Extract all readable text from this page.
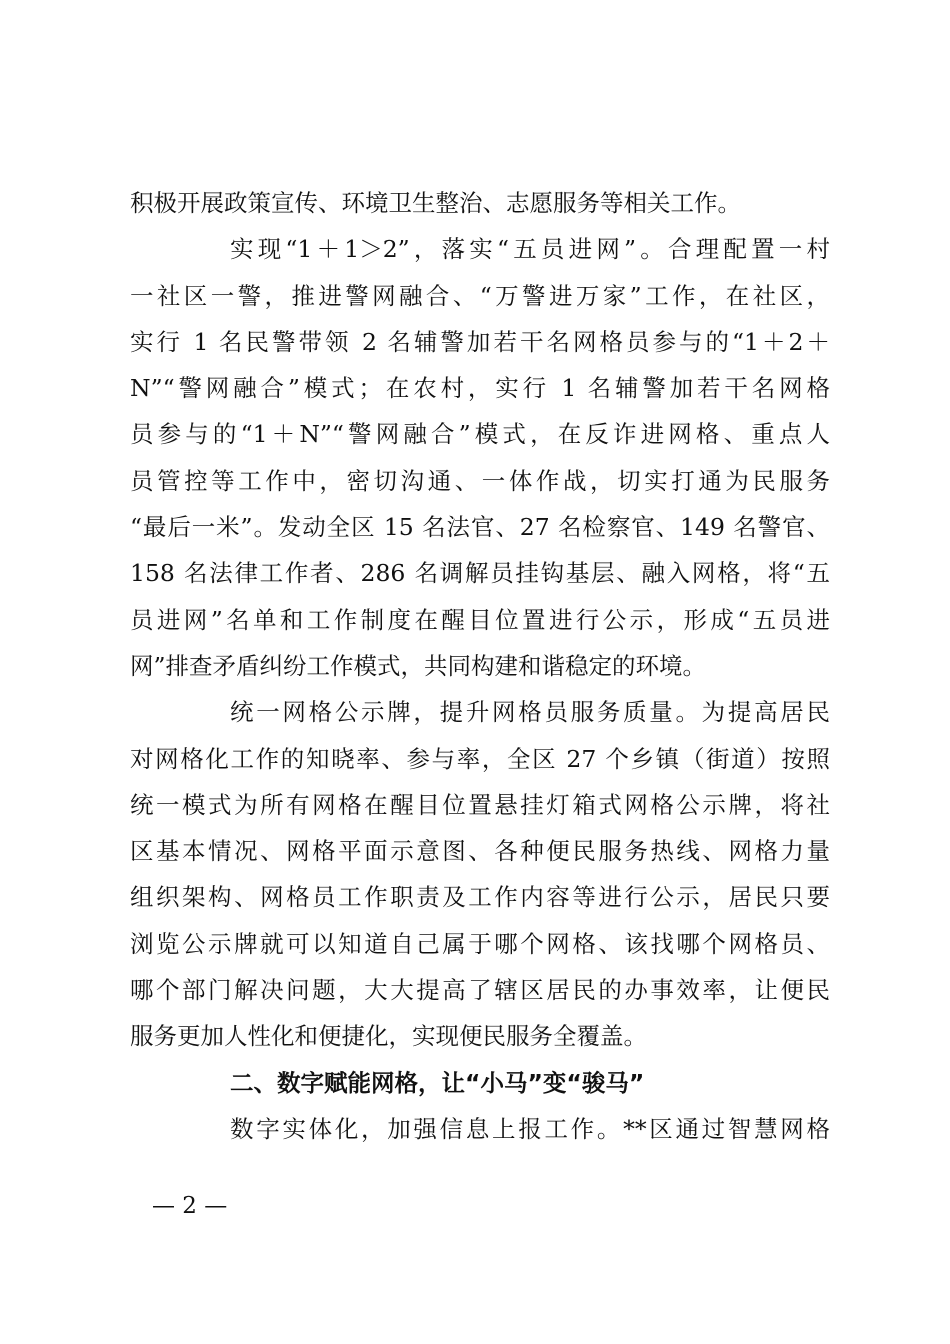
积极开展政策宣传、环境卫生整治、志愿服务等相关工作。
实现“1＋1＞2”，落实“五员进网”。合理配置一村
一社区一警，推进警网融合、“万警进万家”工作，在社区，
实行 1 名民警带领 2 名辅警加若干名网格员参与的“1＋2＋
N”“警网融合”模式；在农村，实行 1 名辅警加若干名网格
员参与的“1＋N”“警网融合”模式，在反诈进网格、重点人
员管控等工作中，密切沟通、一体作战，切实打通为民服务
“最后一米”。发动全区 15 名法官、27 名检察官、149 名警官、
158 名法律工作者、286 名调解员挂钩基层、融入网格，将“五
员进网”名单和工作制度在醒目位置进行公示，形成“五员进
网”排查矛盾纠纷工作模式，共同构建和谐稳定的环境。
统一网格公示牌，提升网格员服务质量。为提高居民
对网格化工作的知晓率、参与率，全区 27 个乡镇（街道）按照
统一模式为所有网格在醒目位置悬挂灯箱式网格公示牌，将社
区基本情况、网格平面示意图、各种便民服务热线、网格力量
组织架构、网格员工作职责及工作内容等进行公示，居民只要
浏览公示牌就可以知道自己属于哪个网格、该找哪个网格员、
哪个部门解决问题，大大提高了辖区居民的办事效率，让便民
服务更加人性化和便捷化，实现便民服务全覆盖。
二、数字赋能网格，让“小马”变“骏马”
数字实体化，加强信息上报工作。**区通过智慧网格
— 2 —
